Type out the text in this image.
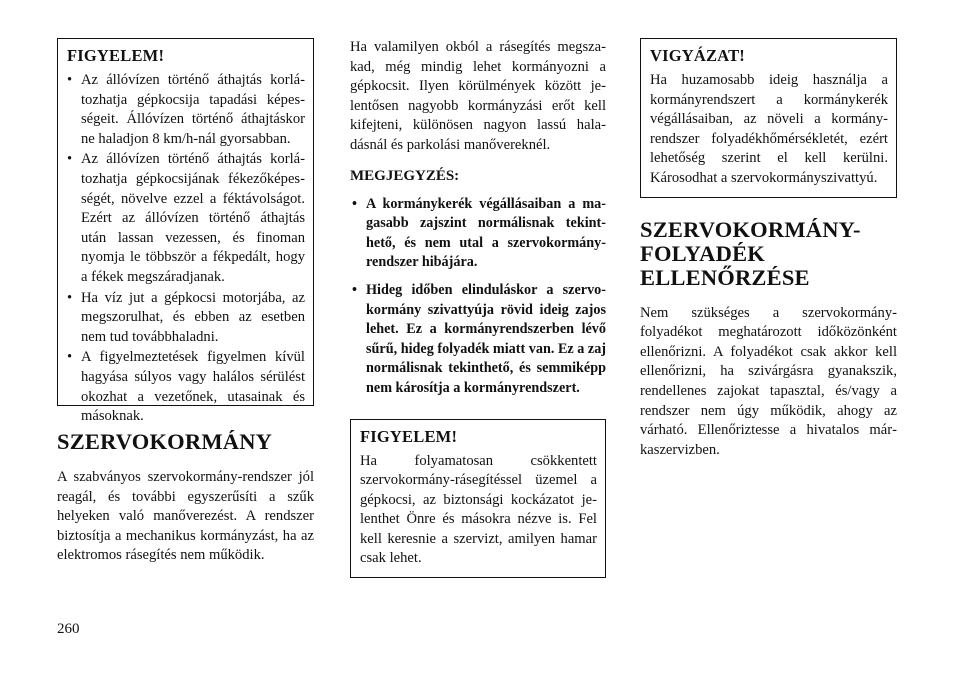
FIGYELEM!
• Az állóvízen történő áthajtás korlátozhatja gépkocsija tapadási képességeit. Állóvízen történő áthajtáskor ne haladjon 8 km/h-nál gyorsabban.
• Az állóvízen történő áthajtás korlátozhatja gépkocsijának fékezőképességét, növelve ezzel a féktávolságot. Ezért az állóvízen történő áthajtás után lassan vezessen, és finoman nyomja le többször a fékpedált, hogy a fékek megszáradjanak.
• Ha víz jut a gépkocsi motorjába, az megszorulhat, és ebben az esetben nem tud továbbhaladni.
• A figyelmeztetések figyelmen kívül hagyása súlyos vagy halálos sérülést okozhat a vezetőnek, utasainak és másoknak.
SZERVOKORMÁNY

A szabványos szervokormány-rendszer jól reagál, és további egyszerűsíti a szűk helyeken való manőverezést. A rendszer biztosítja a mechanikus kormányzást, ha az elektromos rásegítés nem működik.

Ha valamilyen okból a rásegítés megszakad, még mindig lehet kormányozni a gépkocsit. Ilyen körülmények között jelentősen nagyobb kormányzási erőt kell kifejteni, különösen nagyon lassú haladásnál és parkolási manővereknél.

MEGJEGYZÉS:
• A kormánykerék végállásaiban a magasabb zajszint normálisnak tekinthető, és nem utal a szervokormányrendszer hibájára.
• Hideg időben elinduláskor a szervokormány szivattyúja rövid ideig zajos lehet. Ez a kormányrendszerben lévő sűrű, hideg folyadék miatt van. Ez a zaj normálisnak tekinthető, és semmiképp nem károsítja a kormányrendszert.
FIGYELEM!

Ha folyamatosan csökkentett szervokormány-rásegítéssel üzemel a gépkocsi, az biztonsági kockázatot jelenthet Önre és másokra nézve is. Fel kell keresnie a szervizt, amilyen hamar csak lehet.

VIGYÁZAT!

Ha huzamosabb ideig használja a kormányrendszert a kormánykerék végállásaiban, az növeli a kormányrendszer folyadékhőmérsékletét, ezért lehetőség szerint el kell kerülni. Károsodhat a szervokormányszivattyú.

SZERVOKORMÁNY-
FOLYADÉK
ELLENŐRZÉSE

Nem szükséges a szervokormány-folyadékot meghatározott időközönként ellenőrizni. A folyadékot csak akkor kell ellenőrizni, ha szivárgásra gyanakszik, rendellenes zajokat tapasztal, és/vagy a rendszer nem úgy működik, ahogy az várható. Ellenőriztesse a hivatalos márkaszervizben.

260
